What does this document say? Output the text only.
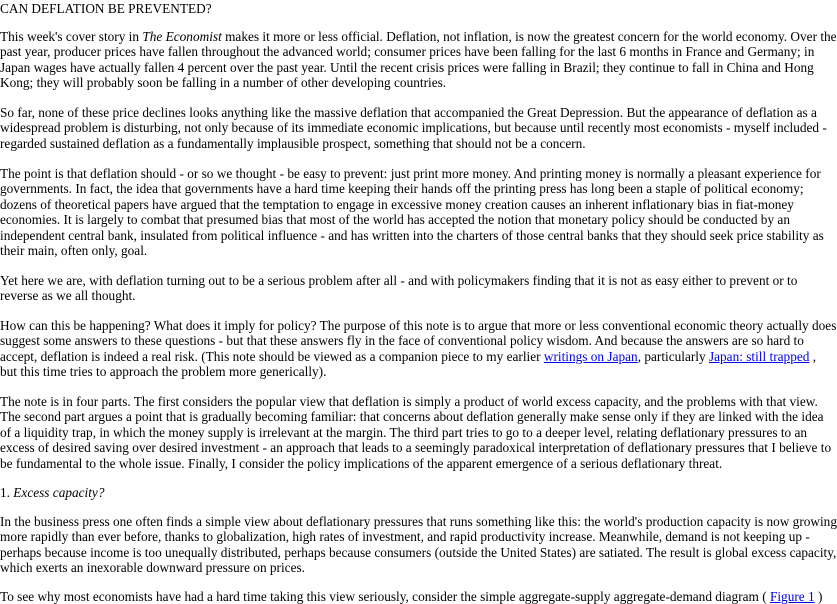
CAN DEFLATION BE PREVENTED?

This week's cover story in The Economist makes it more or less official. Deflation, not inflation, is now the greatest concern for the world economy. Over the
past year, producer prices have fallen throughout the advanced world; consumer prices have been falling for the last 6 months in France and Germany; in
Japan wages have actually fallen 4 percent over the past year. Until the recent crisis prices were falling in Brazil; they continue to fall in China and Hong
Kong; they will probably soon be falling in a number of other developing countries.

So far, none of these price declines looks anything like the massive deflation that accompanied the Great Depression. But the appearance of deflation as a
widespread problem is disturbing, not only because of its immediate economic implications, but because until recently most economists - myself included -
regarded sustained deflation as a fundamentally implausible prospect, something that should not be a concern.

The point is that deflation should - or so we thought - be easy to prevent: just print more money. And printing money is normally a pleasant experience for
governments. In fact, the idea that governments have a hard time keeping their hands off the printing press has long been a staple of political economy;
dozens of theoretical papers have argued that the temptation to engage in excessive money creation causes an inherent inflationary bias in fiat-money
economies. It is largely to combat that presumed bias that most of the world has accepted the notion that monetary policy should be conducted by an
independent central bank, insulated from political influence - and has written into the charters of those central banks that they should seek price stability as
their main, often only, goal.

Yet here we are, with deflation turning out to be a serious problem after all - and with policymakers finding that it is not as easy either to prevent or to
reverse as we all thought.

How can this be happening? What does it imply for policy? The purpose of this note is to argue that more or less conventional economic theory actually does
suggest some answers to these questions - but that these answers fly in the face of conventional policy wisdom. And because the answers are so hard to
accept, deflation is indeed a real risk. (This note should be viewed as a companion piece to my earlier writings on Japan, particularly Japan: still trapped ,
but this time tries to approach the problem more generically).

The note is in four parts. The first considers the popular view that deflation is simply a product of world excess capacity, and the problems with that view.
The second part argues a point that is gradually becoming familiar: that concerns about deflation generally make sense only if they are linked with the idea
of a liquidity trap, in which the money supply is irrelevant at the margin. The third part tries to go to a deeper level, relating deflationary pressures to an
excess of desired saving over desired investment - an approach that leads to a seemingly paradoxical interpretation of deflationary pressures that I believe to
be fundamental to the whole issue. Finally, I consider the policy implications of the apparent emergence of a serious deflationary threat.

1. Excess capacity?

In the business press one often finds a simple view about deflationary pressures that runs something like this: the world's production capacity is now growing
more rapidly than ever before, thanks to globalization, high rates of investment, and rapid productivity increase. Meanwhile, demand is not keeping up -
perhaps because income is too unequally distributed, perhaps because consumers (outside the United States) are satiated. The result is global excess capacity,
which exerts an inexorable downward pressure on prices.

To see why most economists have had a hard time taking this view seriously, consider the simple aggregate-supply aggregate-demand diagram ( Figure 1 )
